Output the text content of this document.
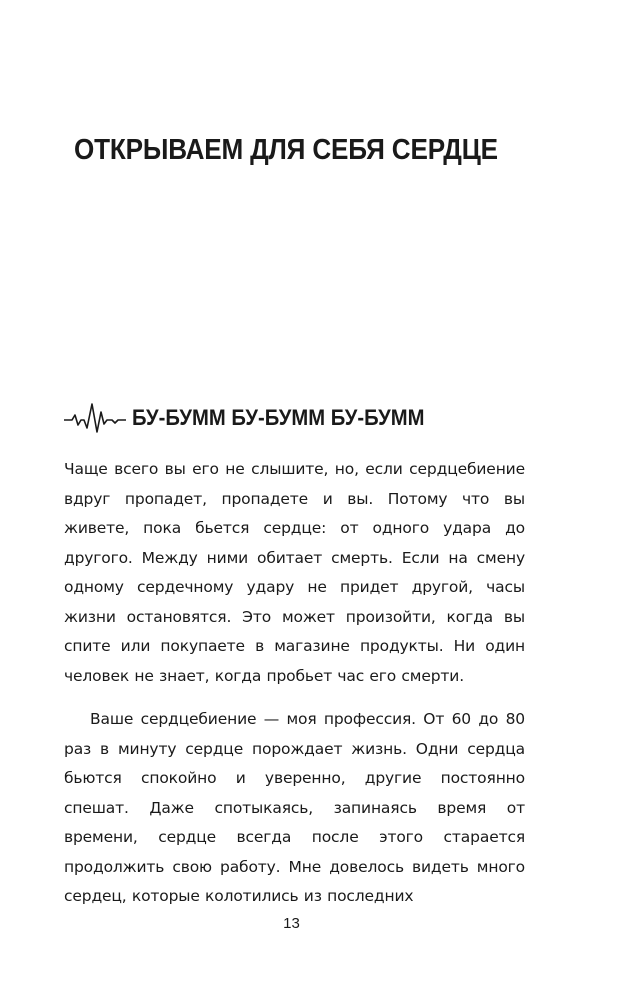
ОТКРЫВАЕМ ДЛЯ СЕБЯ СЕРДЦЕ
БУ-БУММ БУ-БУММ БУ-БУММ

Чаще всего вы его не слышите, но, если сердцебиение вдруг пропадет, пропадете и вы. Потому что вы живете, пока бьется сердце: от одного удара до другого. Между ними обитает смерть. Если на смену одному сердечному удару не придет другой, часы жизни остановятся. Это может произойти, когда вы спите или покупаете в магазине продукты. Ни один человек не знает, когда пробьет час его смерти.

Ваше сердцебиение — моя профессия. От 60 до 80 раз в минуту сердце порождает жизнь. Одни сердца бьются спокойно и уверенно, другие постоянно спешат. Даже спотыкаясь, запинаясь время от времени, сердце всегда после этого старается продолжить свою работу. Мне довелось видеть много сердец, которые колотились из последних

13
